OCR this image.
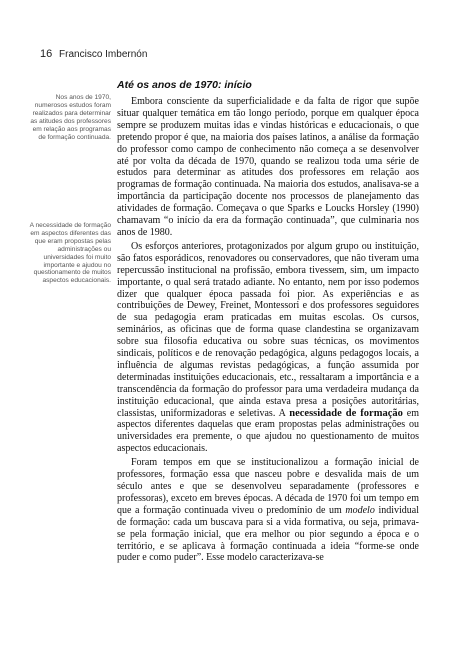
16 Francisco Imbernón
Nos anos de 1970, numerosos estudos foram realizados para determinar as atitudes dos professores em relação aos programas de formação continuada.
A necessidade de formação em aspectos diferentes das que eram propostas pelas administrações ou universidades foi muito importante e ajudou no questionamento de muitos aspectos educacionais.
Até os anos de 1970: início

Embora consciente da superficialidade e da falta de rigor que supõe situar qualquer temática em tão longo período, porque em qualquer época sempre se produzem muitas idas e vindas históricas e educacionais, o que pretendo propor é que, na maioria dos países latinos, a análise da formação do professor como campo de conhecimento não começa a se desenvolver até por volta da década de 1970, quando se realizou toda uma série de estudos para determinar as atitudes dos professores em relação aos programas de formação continuada. Na maioria dos estudos, analisava-se a importância da participação docente nos processos de planejamento das atividades de formação. Começava o que Sparks e Loucks Horsley (1990) chamavam “o início da era da formação continuada”, que culminaria nos anos de 1980.

Os esforços anteriores, protagonizados por algum grupo ou instituição, são fatos esporádicos, renovadores ou conservadores, que não tiveram uma repercussão institucional na profissão, embora tivessem, sim, um impacto importante, o qual será tratado adiante. No entanto, nem por isso podemos dizer que qualquer época passada foi pior. As experiências e as contribuições de Dewey, Freinet, Montessori e dos professores seguidores de sua pedagogia eram praticadas em muitas escolas. Os cursos, seminários, as oficinas que de forma quase clandestina se organizavam sobre sua filosofia educativa ou sobre suas técnicas, os movimentos sindicais, políticos e de renovação pedagógica, alguns pedagogos locais, a influência de algumas revistas pedagógicas, a função assumida por determinadas instituições educacionais, etc., ressaltaram a importância e a transcendência da formação do professor para uma verdadeira mudança da instituição educacional, que ainda estava presa a posições autoritárias, classistas, uniformizadoras e seletivas. A necessidade de formação em aspectos diferentes daquelas que eram propostas pelas administrações ou universidades era premente, o que ajudou no questionamento de muitos aspectos educacionais.

Foram tempos em que se institucionalizou a formação inicial de professores, formação essa que nasceu pobre e desvalida mais de um século antes e que se desenvolveu separadamente (professores e professoras), exceto em breves épocas. A década de 1970 foi um tempo em que a formação continuada viveu o predomínio de um modelo individual de formação: cada um buscava para si a vida formativa, ou seja, primava-se pela formação inicial, que era melhor ou pior segundo a época e o território, e se aplicava à formação continuada a ideia “forme-se onde puder e como puder”. Esse modelo caracterizava-se
